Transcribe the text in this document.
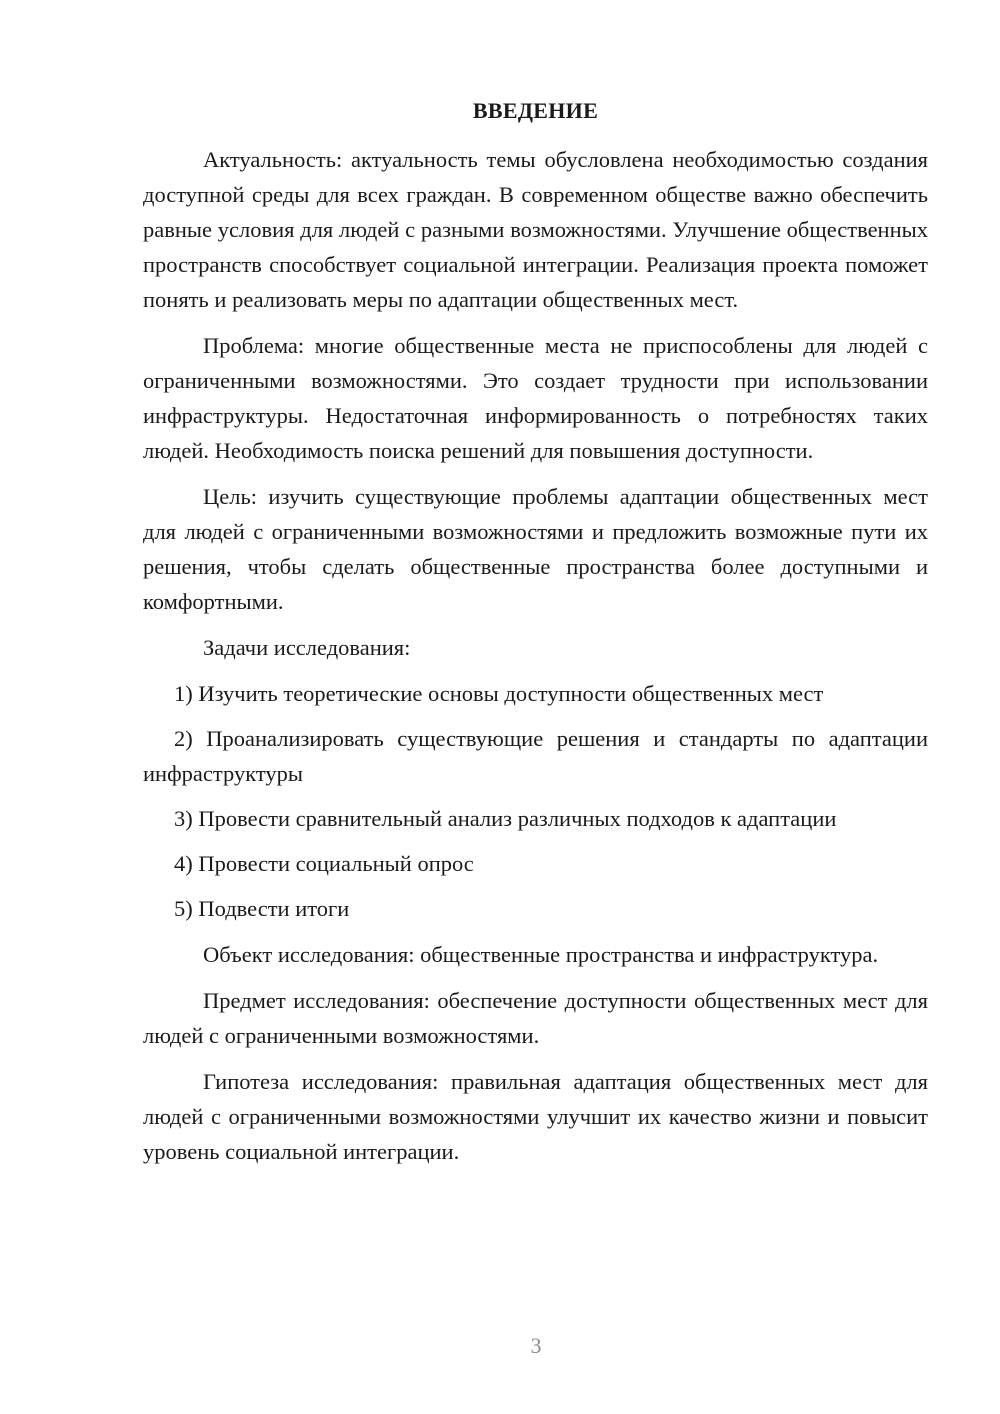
ВВЕДЕНИЕ

Актуальность: актуальность темы обусловлена необходимостью создания доступной среды для всех граждан. В современном обществе важно обеспечить равные условия для людей с разными возможностями. Улучшение общественных пространств способствует социальной интеграции. Реализация проекта поможет понять и реализовать меры по адаптации общественных мест.

Проблема: многие общественные места не приспособлены для людей с ограниченными возможностями. Это создает трудности при использовании инфраструктуры. Недостаточная информированность о потребностях таких людей. Необходимость поиска решений для повышения доступности.

Цель: изучить существующие проблемы адаптации общественных мест для людей с ограниченными возможностями и предложить возможные пути их решения, чтобы сделать общественные пространства более доступными и комфортными.

Задачи исследования:

1) Изучить теоретические основы доступности общественных мест

2) Проанализировать существующие решения и стандарты по адаптации инфраструктуры

3) Провести сравнительный анализ различных подходов к адаптации

4) Провести социальный опрос

5) Подвести итоги

Объект исследования: общественные пространства и инфраструктура.

Предмет исследования: обеспечение доступности общественных мест для людей с ограниченными возможностями.

Гипотеза исследования: правильная адаптация общественных мест для людей с ограниченными возможностями улучшит их качество жизни и повысит уровень социальной интеграции.

3
